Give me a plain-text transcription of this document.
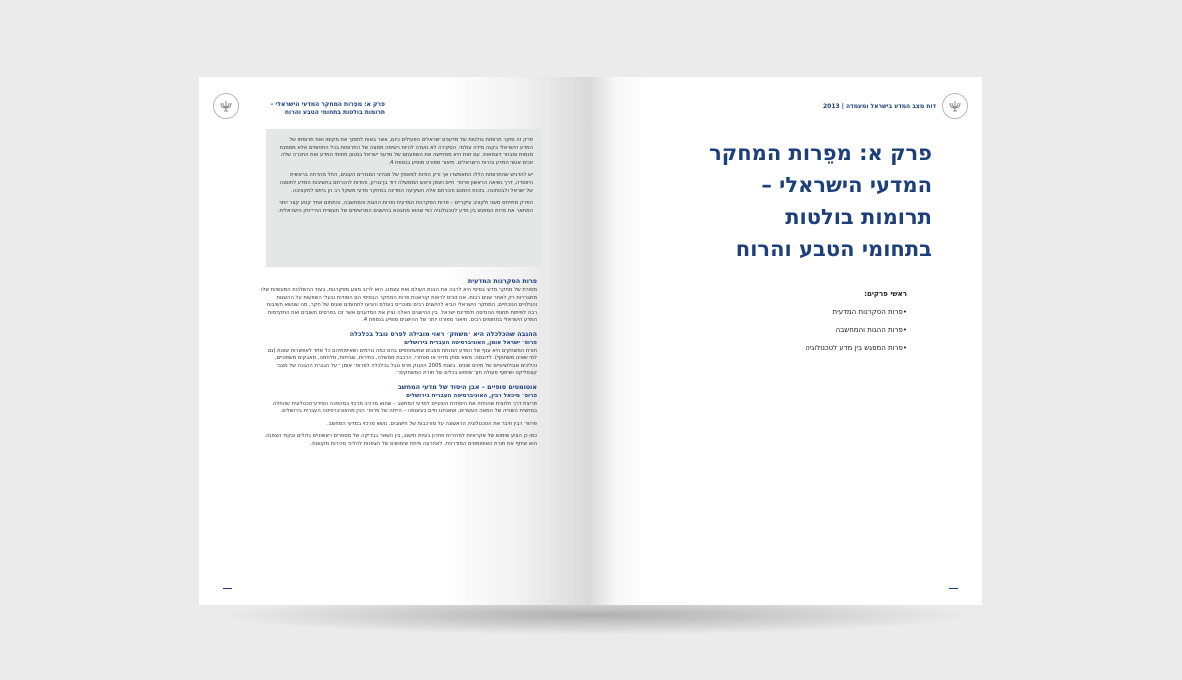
פרק א: מפֵרות המחקר המדעי הישראלי –
תרומות בולטות בתחומי הטבע והרוח

פרק זה סוקר תרומות בולטות של מדענים ישראלים הפעילים כיום, אשר באות לתמוך את מקומו ואת תרומתו של המדע הישראלי בקנה מידה עולמי. הסקירה לא נועדה להיות רשימה ממצה של התרומות בכל התחומים אלא מסמנת מגמות ומבחר דוגמאות. עם זאת היא ממחישה את השפעתם של מדעני ישראל במגוון תחומי המדע ואת התכרה שלה זוכים אנשי המדע והרוח הישראלים. תיאור מפורט מופיע בנספח 4.

יש להדגיש שהתרומות הללו התאפשרו אך ורק הודות למאמץ של מנהיגי המגזרים העוגים, החל מהדחה בראשית היווסדה, דרך נשיאה הראשון פרופ׳ חיים ויצמן וראש הממשלה דוד בן־גוריון, והודות להכרתם בחשיבות המדע לחוסנה של ישראל ולבטחונה. בזכות הזמנם והכרתם אלה השקיעה המדינה במחקר מדעי משקל רב הן ביחס לתקציבה.

הפרק מתייחס משני ולקציב עיקריים – פרות הסקרנות המדעית ופרות ההגות והמחשבה, והתחום אחד קטע קצר יותר המתאר את פרות המפגש בין מדע לטכנולוגיה כפי שהוא מתבטא בהישגים המרשימים של תעשיית ההיי־טק הישראלית.

פרות הסקרנות המדעית

מסורת של מחקר מדעי בסיסי היא לרבה את הבנת העולם ואת עצמנו. הוא לרוב מונע מסקרנות, בעוד ההשלכות המעשיות שלו מתבררות רק לאחר שנים רבות. אנו זוכים לראות קוראנות פרות המחקר הבסיסי הם הסודות ובעלי השפעות על ההשגות והגילויים הנוכחיים. המחקר הישראלי הביא להישגים רבים ומוכרים בעולם והגיעו לתחומים שונים של חקר, מה שנושא חשיבות רבה לפיתוח תחומי ההנדסה ולמדינת ישראל. בין ההישגים האלה נציין את המדענים אשר זכו בפרסים חשובים ואת התקדמות המדע הישראלי בתחומים רבים. תיאור מפורט יותר של ההישגים מופיע בנספח 4.

ההגבה שהכלכלה היא ׳משחק׳ ראוי מובילה לפרס נובל בכלכלה
פרופ׳ ישראל אומן, האוניברסיטה העברית בירושלים

תורת המשחקים היא ענף של המדע המנתח מצבים שמשתתפים בהם כמה גורמים ושאיפותיהם כל אחד לאפשרות שונות (גם למי שאינו משתתף). לדוגמה: משא ומתן מדיני או מסחרי, הרכבת ממשלה, בחירות, שביתות, מלחמה, מאבקים משפטיים, והליכים אבולוציוניים של מינים שונים. בשנת 2005 הוענק פרס נובל בכלכלה לפרופ׳ אומן ״על הגברת ההבנה של מצבי קונפליקט ושיתוף פעולה תוך שימוש בכלים של תורת המשחקים״.

אוטומטים סופיים – אבן היסוד של מדעי המחשב
פרופ׳ מיכאל רבין, האוניברסיטה העברית בירושלים

פריצת דרך חלוצית שהניחה את היסודות העיוניים למדעי המחשב – שהוא מרכיב מרכזי במהפכה המידע־טכנולוגית שהחלה במחצית השנייה של המאה העשרים, ושאנחנו חיים בעיצומה – הייתה של פרופ׳ רבין מהאוניברסיטה העברית בירושלים.

פרופ׳ רבין חיבר את הטכנולוגיה הראשונה על מורכבות של חישובים, נושא מרכזי במדעי המחשב.

כמו כן הציע שימוש של אקראיות למהירות פתרון בעיות חישוב, בין השאר בבדיקה של מספרים ראשוניים גדולים ובקוד הצפנה. הוא שיתף את תורת האוטומטים המודרנית. לאחרונה פיתח שימושים של הצפנות להליכי מכירות מקוונות.

דוח מצב המדע בישראל ומעמדה | 2013
פרק א: מפֵרות המחקר
המדעי הישראלי –
תרומות בולטות
בתחומי הטבע והרוח
ראשי פרקים:
•פרות הסקרנות המדעית
•פרות ההגות והמחשבה
•פרות המפגש בין מדע לטכנולוגיה
